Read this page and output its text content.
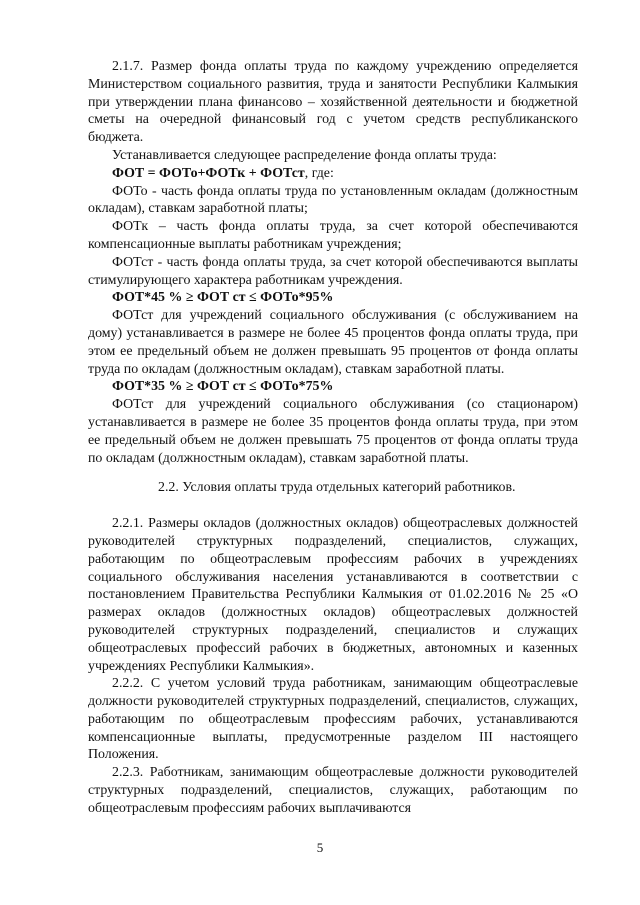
2.1.7. Размер фонда оплаты труда по каждому учреждению определяется Министерством социального развития, труда и занятости Республики Калмыкия при утверждении плана финансово – хозяйственной деятельности и бюджетной сметы на очередной финансовый год с учетом средств республиканского бюджета.

Устанавливается следующее распределение фонда оплаты труда:

ФОТ = ФОТо+ФОТк + ФОТст, где:

ФОТо - часть фонда оплаты труда по установленным окладам (должностным окладам), ставкам заработной платы;

ФОТк – часть фонда оплаты труда, за счет которой обеспечиваются компенсационные выплаты работникам учреждения;

ФОТст - часть фонда оплаты труда, за счет которой обеспечиваются выплаты стимулирующего характера работникам учреждения.

ФОТ*45 % ≥ ФОТ ст ≤ ФОТо*95%

ФОТст для учреждений социального обслуживания (с обслуживанием на дому) устанавливается в размере не более 45 процентов фонда оплаты труда, при этом ее предельный объем не должен превышать 95 процентов от фонда оплаты труда по окладам (должностным окладам), ставкам заработной платы.

ФОТ*35 % ≥ ФОТ ст ≤ ФОТо*75%

ФОТст для учреждений социального обслуживания (со стационаром) устанавливается в размере не более 35 процентов фонда оплаты труда, при этом ее предельный объем не должен превышать 75 процентов от фонда оплаты труда по окладам (должностным окладам), ставкам заработной платы.

2.2. Условия оплаты труда отдельных категорий работников.

2.2.1. Размеры окладов (должностных окладов) общеотраслевых должностей руководителей структурных подразделений, специалистов, служащих, работающим по общеотраслевым профессиям рабочих в учреждениях социального обслуживания населения устанавливаются в соответствии с постановлением Правительства Республики Калмыкия от 01.02.2016 № 25 «О размерах окладов (должностных окладов) общеотраслевых должностей руководителей структурных подразделений, специалистов и служащих общеотраслевых профессий рабочих в бюджетных, автономных и казенных учреждениях Республики Калмыкия».

2.2.2. С учетом условий труда работникам, занимающим общеотраслевые должности руководителей структурных подразделений, специалистов, служащих, работающим по общеотраслевым профессиям рабочих, устанавливаются компенсационные выплаты, предусмотренные разделом III настоящего Положения.

2.2.3. Работникам, занимающим общеотраслевые должности руководителей структурных подразделений, специалистов, служащих, работающим по общеотраслевым профессиям рабочих выплачиваются

5
